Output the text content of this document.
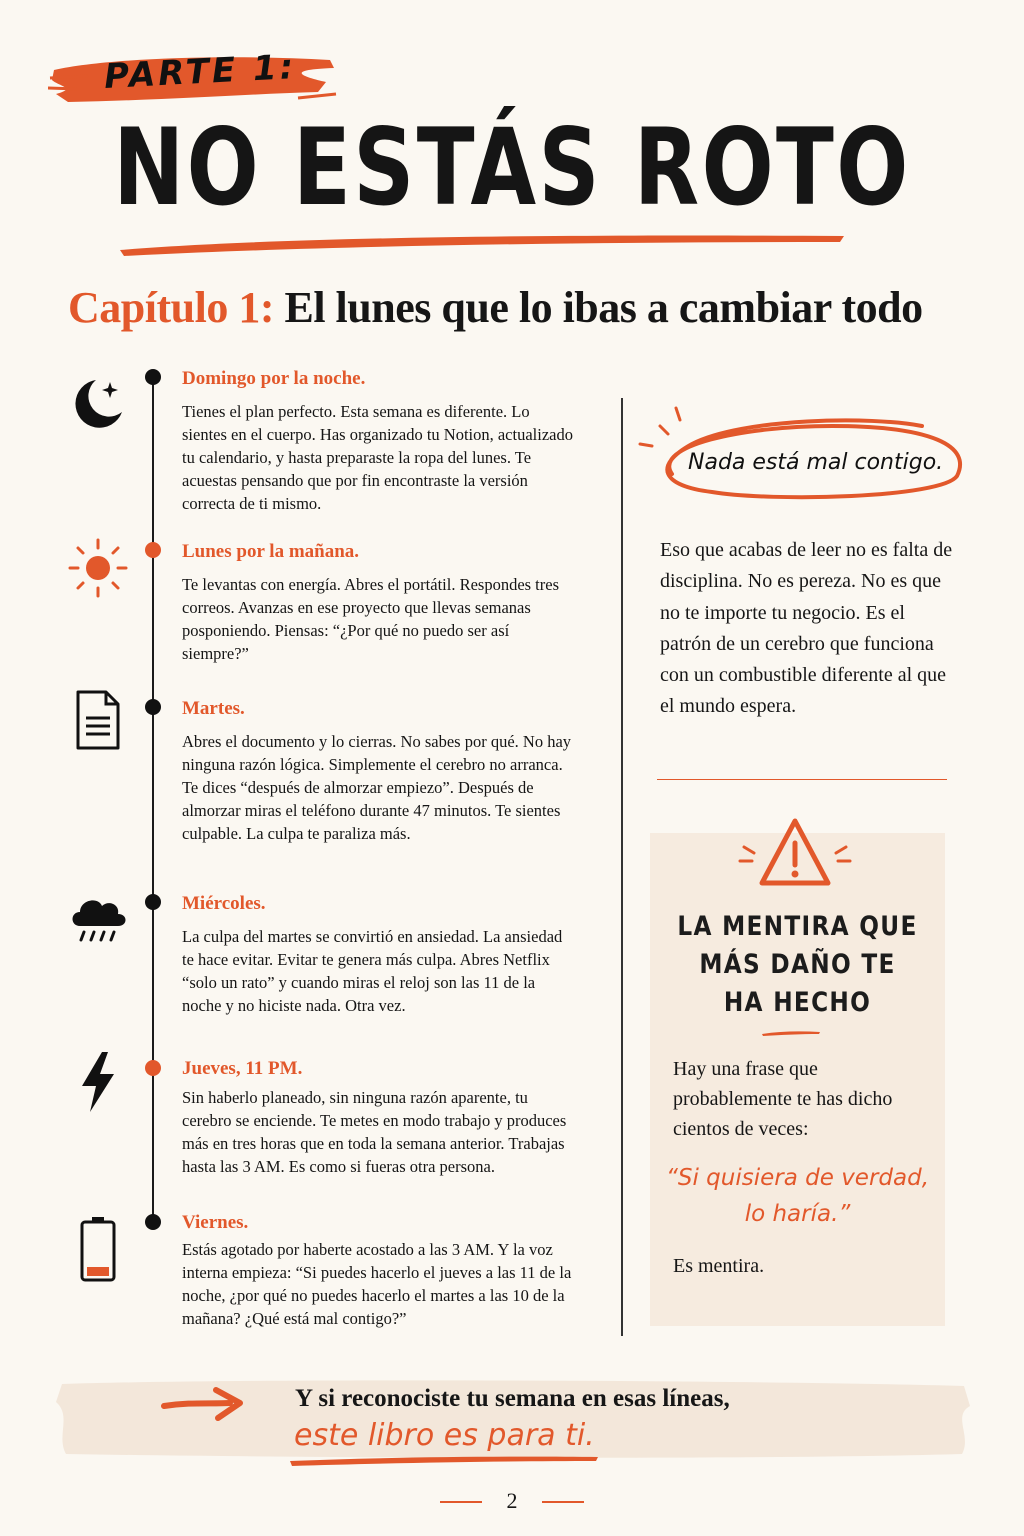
PARTE 1:
NO ESTÁS ROTO
Capítulo 1: El lunes que lo ibas a cambiar todo

Domingo por la noche.

Tienes el plan perfecto. Esta semana es diferente. Lo sientes en el cuerpo. Has organizado tu Notion, actualizado tu calendario, y hasta preparaste la ropa del lunes. Te acuestas pensando que por fin encontraste la versión correcta de ti mismo.

Lunes por la mañana.

Te levantas con energía. Abres el portátil. Respondes tres correos. Avanzas en ese proyecto que llevas semanas posponiendo. Piensas: “¿Por qué no puedo ser así siempre?”

Martes.

Abres el documento y lo cierras. No sabes por qué. No hay ninguna razón lógica. Simplemente el cerebro no arranca. Te dices “después de almorzar empiezo”. Después de almorzar miras el teléfono durante 47 minutos. Te sientes culpable. La culpa te paraliza más.

Miércoles.

La culpa del martes se convirtió en ansiedad. La ansiedad te hace evitar. Evitar te genera más culpa. Abres Netflix “solo un rato” y cuando miras el reloj son las 11 de la noche y no hiciste nada. Otra vez.

Jueves, 11 PM.

Sin haberlo planeado, sin ninguna razón aparente, tu cerebro se enciende. Te metes en modo trabajo y produces más en tres horas que en toda la semana anterior. Trabajas hasta las 3 AM. Es como si fueras otra persona.

Viernes.

Estás agotado por haberte acostado a las 3 AM. Y la voz interna empieza: “Si puedes hacerlo el jueves a las 11 de la noche, ¿por qué no puedes hacerlo el martes a las 10 de la mañana? ¿Qué está mal contigo?”

Nada está mal contigo.

Eso que acabas de leer no es falta de disciplina. No es pereza. No es que no te importe tu negocio. Es el patrón de un cerebro que funciona con un combustible diferente al que el mundo espera.

LA MENTIRA QUE
MÁS DAÑO TE
HA HECHO

Hay una frase que probablemente te has dicho cientos de veces:

“Si quisiera de verdad,
lo haría.”
Es mentira.
Y si reconociste tu semana en esas líneas,
este libro es para ti.
2
